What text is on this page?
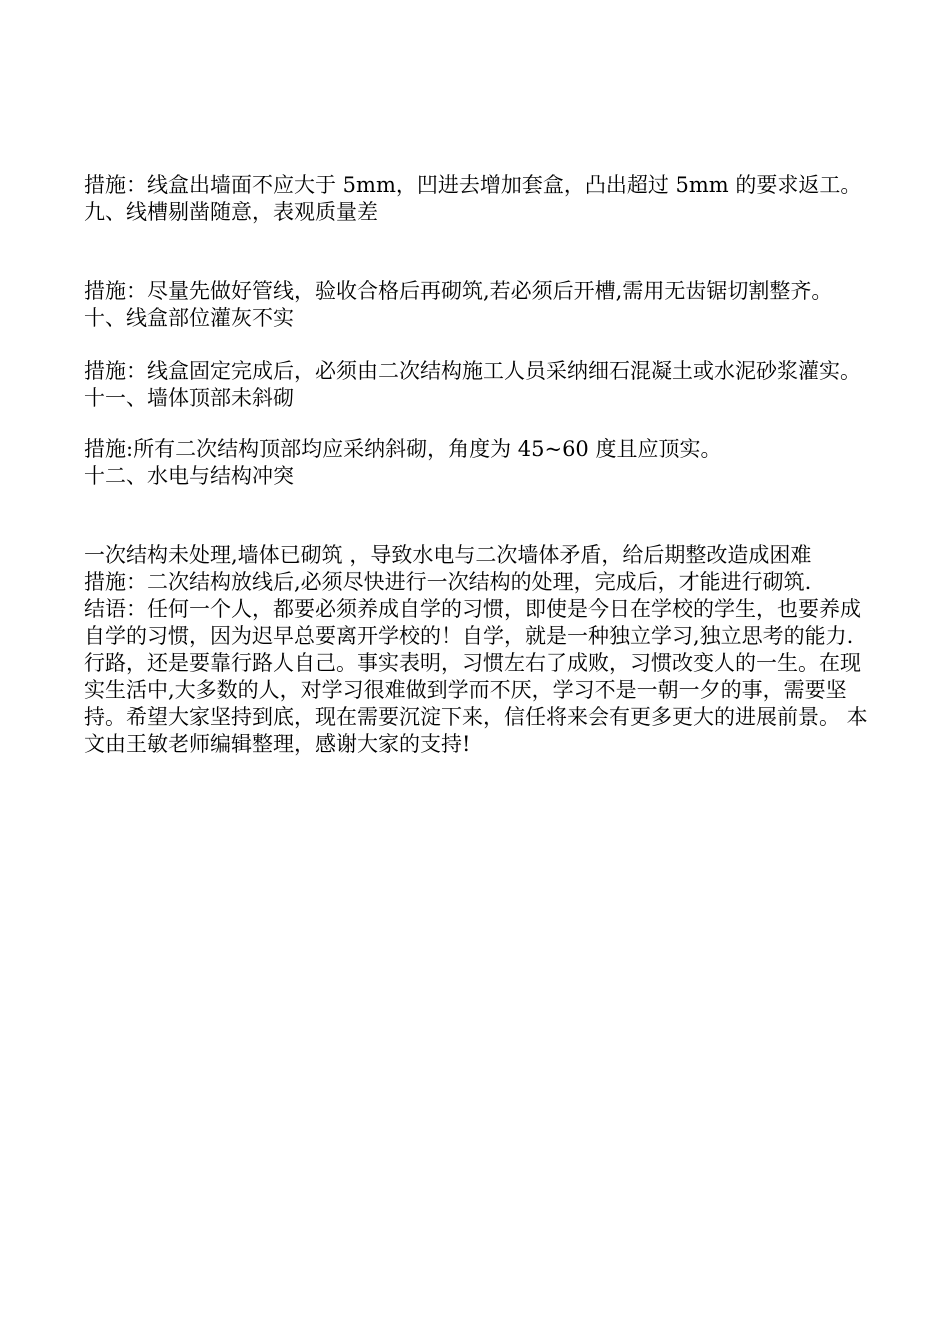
措施：线盒出墙面不应大于 5mm，凹进去增加套盒，凸出超过 5mm 的要求返工。
九、线槽剔凿随意，表观质量差
措施：尽量先做好管线，验收合格后再砌筑,若必须后开槽,需用无齿锯切割整齐。
十、线盒部位灌灰不实
措施：线盒固定完成后，必须由二次结构施工人员采纳细石混凝土或水泥砂浆灌实。
十一、墙体顶部未斜砌
措施:所有二次结构顶部均应采纳斜砌，角度为 45~60 度且应顶实。
十二、水电与结构冲突
一次结构未处理,墙体已砌筑 ，导致水电与二次墙体矛盾，给后期整改造成困难
措施：二次结构放线后,必须尽快进行一次结构的处理，完成后，才能进行砌筑.
结语：任何一个人，都要必须养成自学的习惯，即使是今日在学校的学生，也要养成自学的习惯，因为迟早总要离开学校的！自学，就是一种独立学习,独立思考的能力.行路，还是要靠行路人自己。事实表明，习惯左右了成败，习惯改变人的一生。在现实生活中,大多数的人，对学习很难做到学而不厌，学习不是一朝一夕的事，需要坚持。希望大家坚持到底，现在需要沉淀下来，信任将来会有更多更大的进展前景。 本文由王敏老师编辑整理，感谢大家的支持!
